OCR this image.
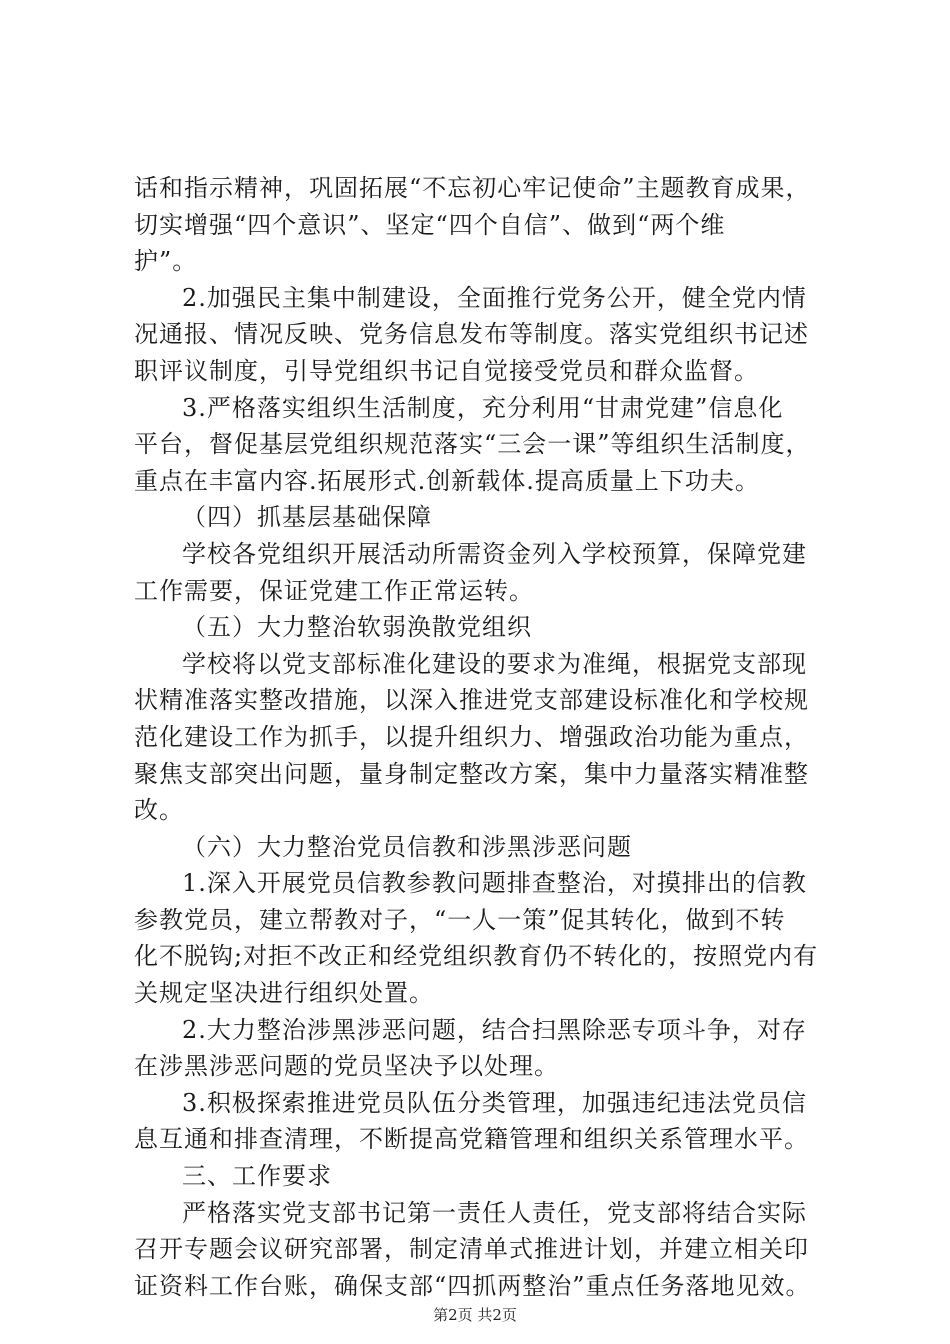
话和指示精神，巩固拓展“不忘初心牢记使命”主题教育成果，
切实增强“四个意识”、坚定“四个自信”、做到“两个维
护”。
2.加强民主集中制建设，全面推行党务公开，健全党内情
况通报、情况反映、党务信息发布等制度。落实党组织书记述
职评议制度，引导党组织书记自觉接受党员和群众监督。
3.严格落实组织生活制度，充分利用“甘肃党建”信息化
平台，督促基层党组织规范落实“三会一课”等组织生活制度，
重点在丰富内容.拓展形式.创新载体.提高质量上下功夫。
（四）抓基层基础保障
学校各党组织开展活动所需资金列入学校预算，保障党建
工作需要，保证党建工作正常运转。
（五）大力整治软弱涣散党组织
学校将以党支部标准化建设的要求为准绳，根据党支部现
状精准落实整改措施，以深入推进党支部建设标准化和学校规
范化建设工作为抓手，以提升组织力、增强政治功能为重点，
聚焦支部突出问题，量身制定整改方案，集中力量落实精准整
改。
（六）大力整治党员信教和涉黑涉恶问题
1.深入开展党员信教参教问题排查整治，对摸排出的信教
参教党员，建立帮教对子，“一人一策”促其转化，做到不转
化不脱钩;对拒不改正和经党组织教育仍不转化的，按照党内有
关规定坚决进行组织处置。
2.大力整治涉黑涉恶问题，结合扫黑除恶专项斗争，对存
在涉黑涉恶问题的党员坚决予以处理。
3.积极探索推进党员队伍分类管理，加强违纪违法党员信
息互通和排查清理，不断提高党籍管理和组织关系管理水平。
三、工作要求
严格落实党支部书记第一责任人责任，党支部将结合实际
召开专题会议研究部署，制定清单式推进计划，并建立相关印
证资料工作台账，确保支部“四抓两整治”重点任务落地见效。
第2页 共2页
